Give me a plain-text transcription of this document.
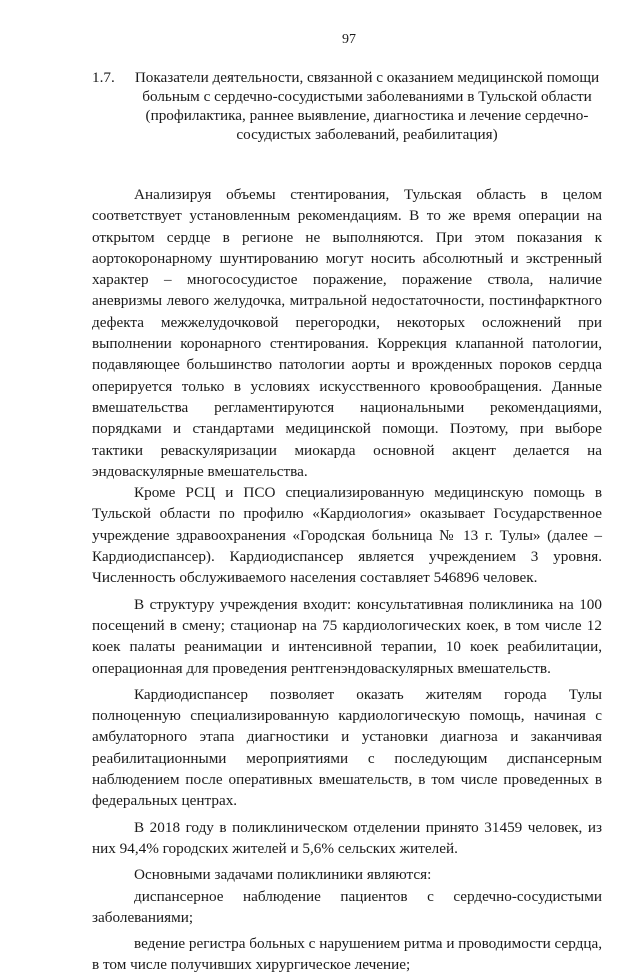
97
1.7.	Показатели деятельности, связанной с оказанием медицинской помощи больным с сердечно-сосудистыми заболеваниями в Тульской области (профилактика, раннее выявление, диагностика и лечение сердечно-сосудистых заболеваний, реабилитация)

Анализируя объемы стентирования, Тульская область в целом соответствует установленным рекомендациям. В то же время операции на открытом сердце в регионе не выполняются. При этом показания к аортокоронарному шунтированию могут носить абсолютный и экстренный характер – многососудистое поражение, поражение ствола, наличие аневризмы левого желудочка, митральной недостаточности, постинфарктного дефекта межжелудочковой перегородки, некоторых осложнений при выполнении коронарного стентирования. Коррекция клапанной патологии, подавляющее большинство патологии аорты и врожденных пороков сердца оперируется только в условиях искусственного кровообращения. Данные вмешательства регламентируются национальными рекомендациями, порядками и стандартами медицинской помощи. Поэтому, при выборе тактики реваскуляризации миокарда основной акцент делается на эндоваскулярные вмешательства.

Кроме РСЦ и ПСО специализированную медицинскую помощь в Тульской области по профилю «Кардиология» оказывает Государственное учреждение здравоохранения «Городская больница № 13 г. Тулы» (далее – Кардиодиспансер). Кардиодиспансер является учреждением 3 уровня. Численность обслуживаемого населения составляет 546896 человек.

В структуру учреждения входит: консультативная поликлиника на 100 посещений в смену; стационар на 75 кардиологических коек, в том числе 12 коек палаты реанимации и интенсивной терапии, 10 коек реабилитации, операционная для проведения рентгенэндоваскулярных вмешательств.

Кардиодиспансер позволяет оказать жителям города Тулы полноценную специализированную кардиологическую помощь, начиная с амбулаторного этапа диагностики и установки диагноза и заканчивая реабилитационными мероприятиями с последующим диспансерным наблюдением после оперативных вмешательств, в том числе проведенных в федеральных центрах.

В 2018 году в поликлиническом отделении принято 31459 человек, из них 94,4% городских жителей и 5,6% сельских жителей.

Основными задачами поликлиники являются:

диспансерное наблюдение пациентов с сердечно-сосудистыми заболеваниями;

ведение регистра больных с нарушением ритма и проводимости сердца, в том числе получивших хирургическое лечение;
